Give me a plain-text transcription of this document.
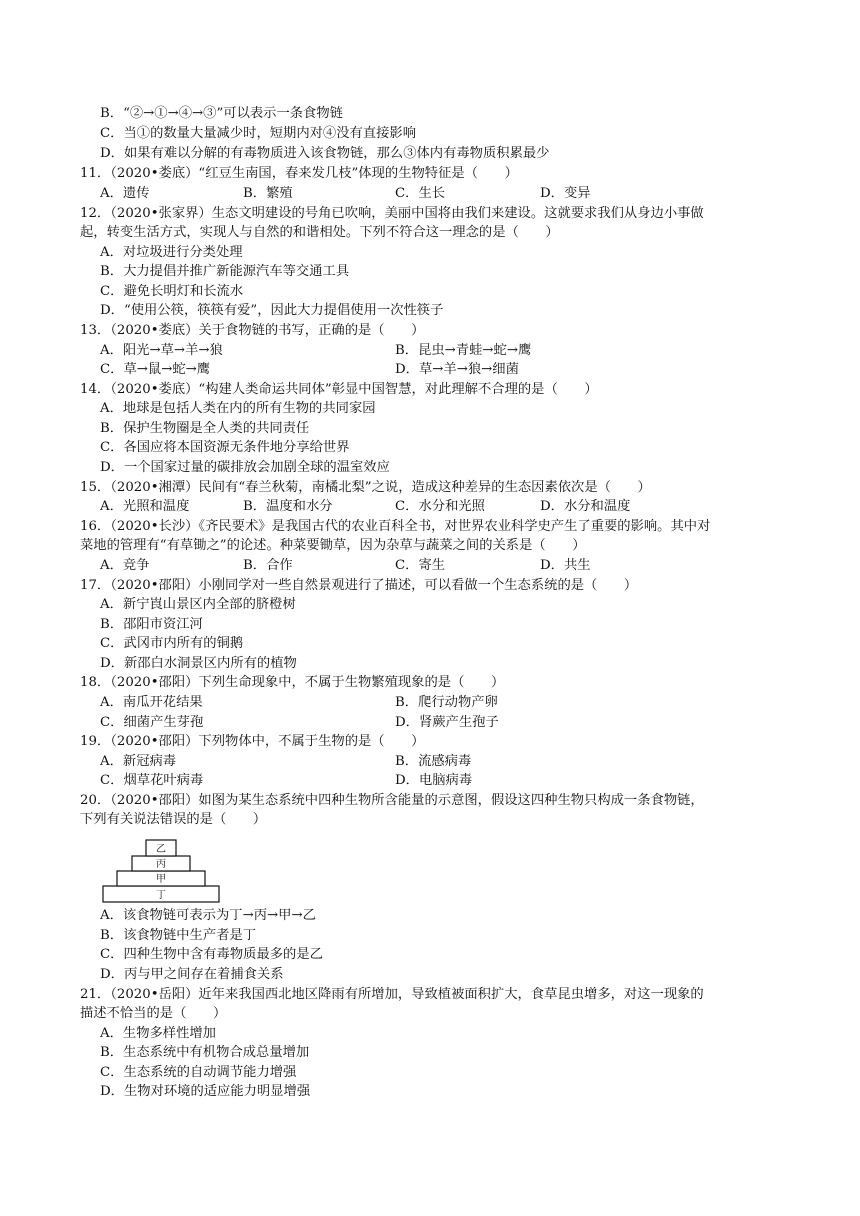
B．“②→①→④→③”可以表示一条食物链
C．当①的数量大量减少时，短期内对④没有直接影响
D．如果有难以分解的有毒物质进入该食物链，那么③体内有毒物质积累最少
11．（2020•娄底）“红豆生南国，春来发几枝”体现的生物特征是（　　）
A．遗传	B．繁殖	C．生长	D．变异
12．（2020•张家界）生态文明建设的号角已吹响，美丽中国将由我们来建设。这就要求我们从身边小事做
起，转变生活方式，实现人与自然的和谐相处。下列不符合这一理念的是（　　）
A．对垃圾进行分类处理
B．大力提倡并推广新能源汽车等交通工具
C．避免长明灯和长流水
D．“使用公筷，筷筷有爱”，因此大力提倡使用一次性筷子
13．（2020•娄底）关于食物链的书写，正确的是（　　）
A．阳光→草→羊→狼	B．昆虫→青蛙→蛇→鹰
C．草→鼠→蛇→鹰	D．草→羊→狼→细菌
14．（2020•娄底）“构建人类命运共同体”彰显中国智慧，对此理解不合理的是（　　）
A．地球是包括人类在内的所有生物的共同家园
B．保护生物圈是全人类的共同责任
C．各国应将本国资源无条件地分享给世界
D．一个国家过量的碳排放会加剧全球的温室效应
15．（2020•湘潭）民间有“春兰秋菊，南橘北梨”之说，造成这种差异的生态因素依次是（　　）
A．光照和温度	B．温度和水分	C．水分和光照	D．水分和温度
16．（2020•长沙）《齐民要术》是我国古代的农业百科全书，对世界农业科学史产生了重要的影响。其中对
菜地的管理有“有草锄之”的论述。种菜要锄草，因为杂草与蔬菜之间的关系是（　　）
A．竞争	B．合作	C．寄生	D．共生
17．（2020•邵阳）小刚同学对一些自然景观进行了描述，可以看做一个生态系统的是（　　）
A．新宁崀山景区内全部的脐橙树
B．邵阳市资江河
C．武冈市内所有的铜鹅
D．新邵白水洞景区内所有的植物
18．（2020•邵阳）下列生命现象中，不属于生物繁殖现象的是（　　）
A．南瓜开花结果	B．爬行动物产卵
C．细菌产生芽孢	D．肾蕨产生孢子
19．（2020•邵阳）下列物体中，不属于生物的是（　　）
A．新冠病毒	B．流感病毒
C．烟草花叶病毒	D．电脑病毒
20．（2020•邵阳）如图为某生态系统中四种生物所含能量的示意图，假设这四种生物只构成一条食物链，
下列有关说法错误的是（　　）
乙
丙
甲
丁
A．该食物链可表示为丁→丙→甲→乙
B．该食物链中生产者是丁
C．四种生物中含有毒物质最多的是乙
D．丙与甲之间存在着捕食关系
21．（2020•岳阳）近年来我国西北地区降雨有所增加，导致植被面积扩大，食草昆虫增多，对这一现象的
描述不恰当的是（　　）
A．生物多样性增加
B．生态系统中有机物合成总量增加
C．生态系统的自动调节能力增强
D．生物对环境的适应能力明显增强
